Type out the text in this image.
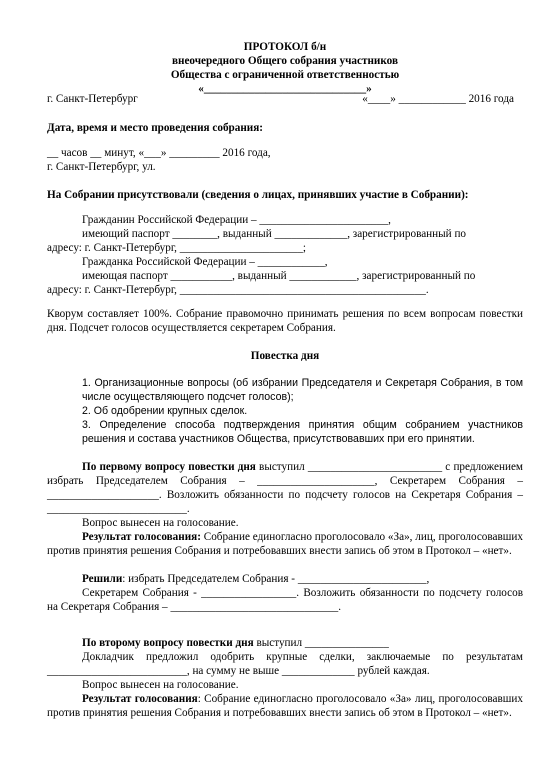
ПРОТОКОЛ б/н
внеочередного Общего собрания участников
Общества с ограниченной ответственностью
«_____________________________»
г. Санкт-Петербург	«____» ____________ 2016 года
Дата, время и место проведения собрания:
__ часов __ минут, «___» _________ 2016 года,
г. Санкт-Петербург, ул.
На Собрании присутствовали (сведения о лицах, принявших участие в Собрании):
Гражданин Российской Федерации – _______________________,
имеющий паспорт ________, выданный _____________, зарегистрированный по
адресу: г. Санкт-Петербург, ______________________;
Гражданка Российской Федерации – ____________,
имеющая паспорт ___________, выданный ____________, зарегистрированный по
адресу: г. Санкт-Петербург, ____________________________________________.
Кворум составляет 100%. Собрание правомочно принимать решения по всем вопросам повестки дня. Подсчет голосов осуществляется секретарем Собрания.
Повестка дня
1. Организационные вопросы (об избрании Председателя и Секретаря Собрания, в том числе осуществляющего подсчет голосов);
2. Об одобрении крупных сделок.
3. Определение способа подтверждения принятия общим собранием участников решения и состава участников Общества, присутствовавших при его принятии.
По первому вопросу повестки дня выступил ________________________ с предложением избрать Председателем Собрания – _____________________, Секретарем Собрания – ____________________. Возложить обязанности по подсчету голосов на Секретаря Собрания – _________________________.
Вопрос вынесен на голосование.
Результат голосования: Собрание единогласно проголосовало «За», лиц, проголосовавших против принятия решения Собрания и потребовавших внести запись об этом в Протокол – «нет».
Решили: избрать Председателем Собрания - _______________________,
Секретарем Собрания - _________________. Возложить обязанности по подсчету голосов на Секретаря Собрания – ______________________________.
По второму вопросу повестки дня выступил _______________
Докладчик предложил одобрить крупные сделки, заключаемые по результатам _________________________, на сумму не выше _____________ рублей каждая.
Вопрос вынесен на голосование.
Результат голосования: Собрание единогласно проголосовало «За» лиц, проголосовавших против принятия решения Собрания и потребовавших внести запись об этом в Протокол – «нет».
